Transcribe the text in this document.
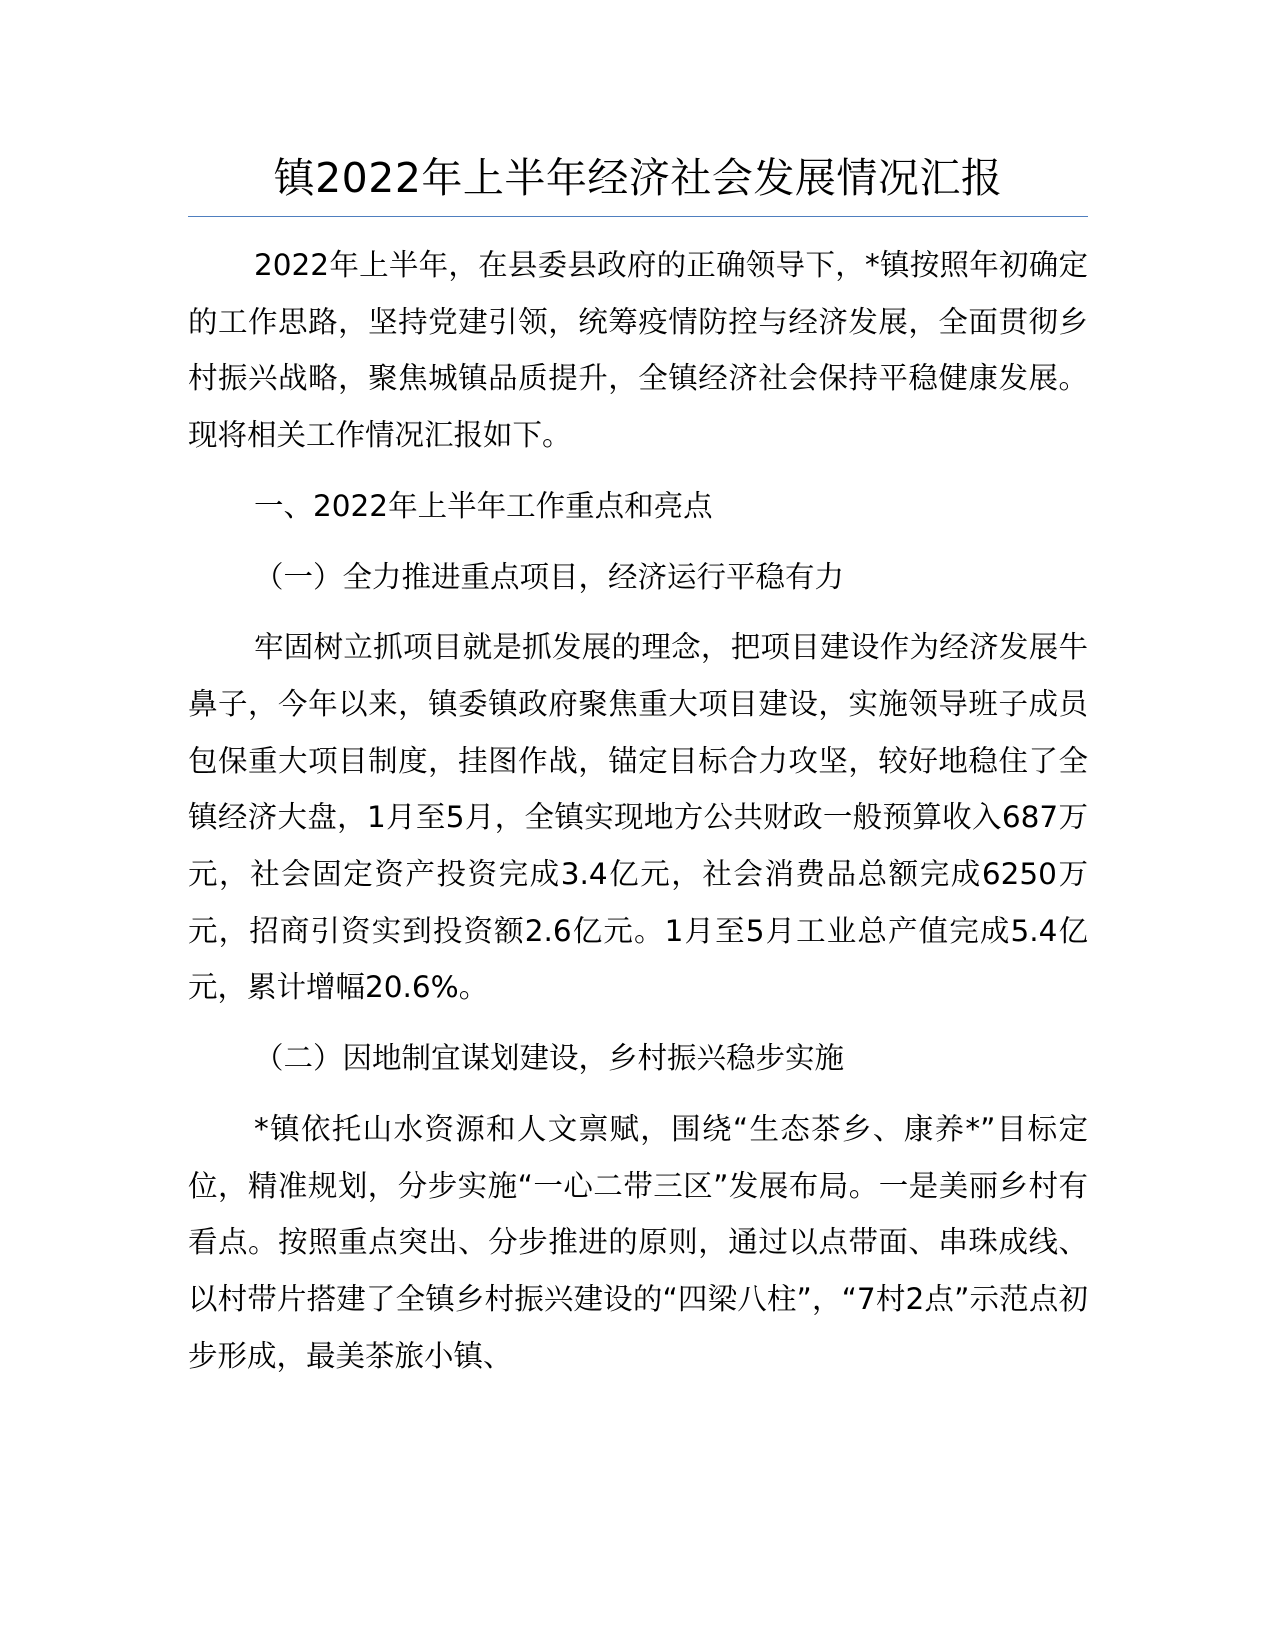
镇2022年上半年经济社会发展情况汇报

2022年上半年，在县委县政府的正确领导下，*镇按照年初确定的工作思路，坚持党建引领，统筹疫情防控与经济发展，全面贯彻乡村振兴战略，聚焦城镇品质提升，全镇经济社会保持平稳健康发展。现将相关工作情况汇报如下。

一、2022年上半年工作重点和亮点

（一）全力推进重点项目，经济运行平稳有力

牢固树立抓项目就是抓发展的理念，把项目建设作为经济发展牛鼻子，今年以来，镇委镇政府聚焦重大项目建设，实施领导班子成员包保重大项目制度，挂图作战，锚定目标合力攻坚，较好地稳住了全镇经济大盘，1月至5月，全镇实现地方公共财政一般预算收入687万元，社会固定资产投资完成3.4亿元，社会消费品总额完成6250万元，招商引资实到投资额2.6亿元。1月至5月工业总产值完成5.4亿元，累计增幅20.6%。

（二）因地制宜谋划建设，乡村振兴稳步实施

*镇依托山水资源和人文禀赋，围绕“生态茶乡、康养*”目标定位，精准规划，分步实施“一心二带三区”发展布局。一是美丽乡村有看点。按照重点突出、分步推进的原则，通过以点带面、串珠成线、以村带片搭建了全镇乡村振兴建设的“四梁八柱”，“7村2点”示范点初步形成，最美茶旅小镇、
